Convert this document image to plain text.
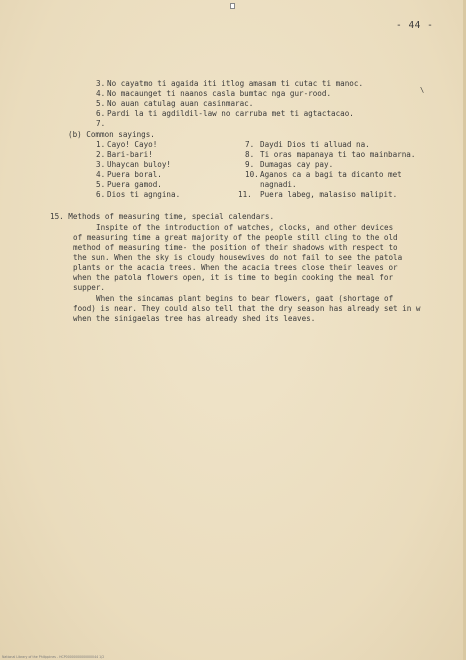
- 44 -
3. No cayatmo ti agaida iti itlog amasam ti cutac ti manoc.
4. No macaunget ti naanos casla bumtac nga gur-rood.
5. No auan catulag auan casinmarac.
6. Pardi la ti agdildil-law no carruba met ti agtactacao.
7.
\
(b) Common sayings.
1. Cayo! Cayo!
2. Bari-bari!
3. Uhaycan buloy!
4. Puera boral.
5. Puera gamod.
6. Dios ti agngina.
7. Daydi Dios ti alluad na.
8. Ti oras mapanaya ti tao mainbarna.
9. Dumagas cay pay.
10.Aganos ca a bagi ta dicanto met
nagnadi.
11. Puera labeg, malasiso malipit.
15. Methods of measuring time, special calendars.
Inspite of the introduction of watches, clocks, and other devices
of measuring time a great majority of the people still cling to the old
method of measuring time- the position of their shadows with respect to
the sun. When the sky is cloudy housewives do not fail to see the patola
plants or the acacia trees. When the acacia trees close their leaves or
when the patola flowers open, it is time to begin cooking the meal for
supper.
When the sincamas plant begins to bear flowers, gaat (shortage of
food) is near. They could also tell that the dry season has already set in w
when the sinigaelas tree has already shed its leaves.
National Library of the Philippines - HCP0000000000000044 1/2
